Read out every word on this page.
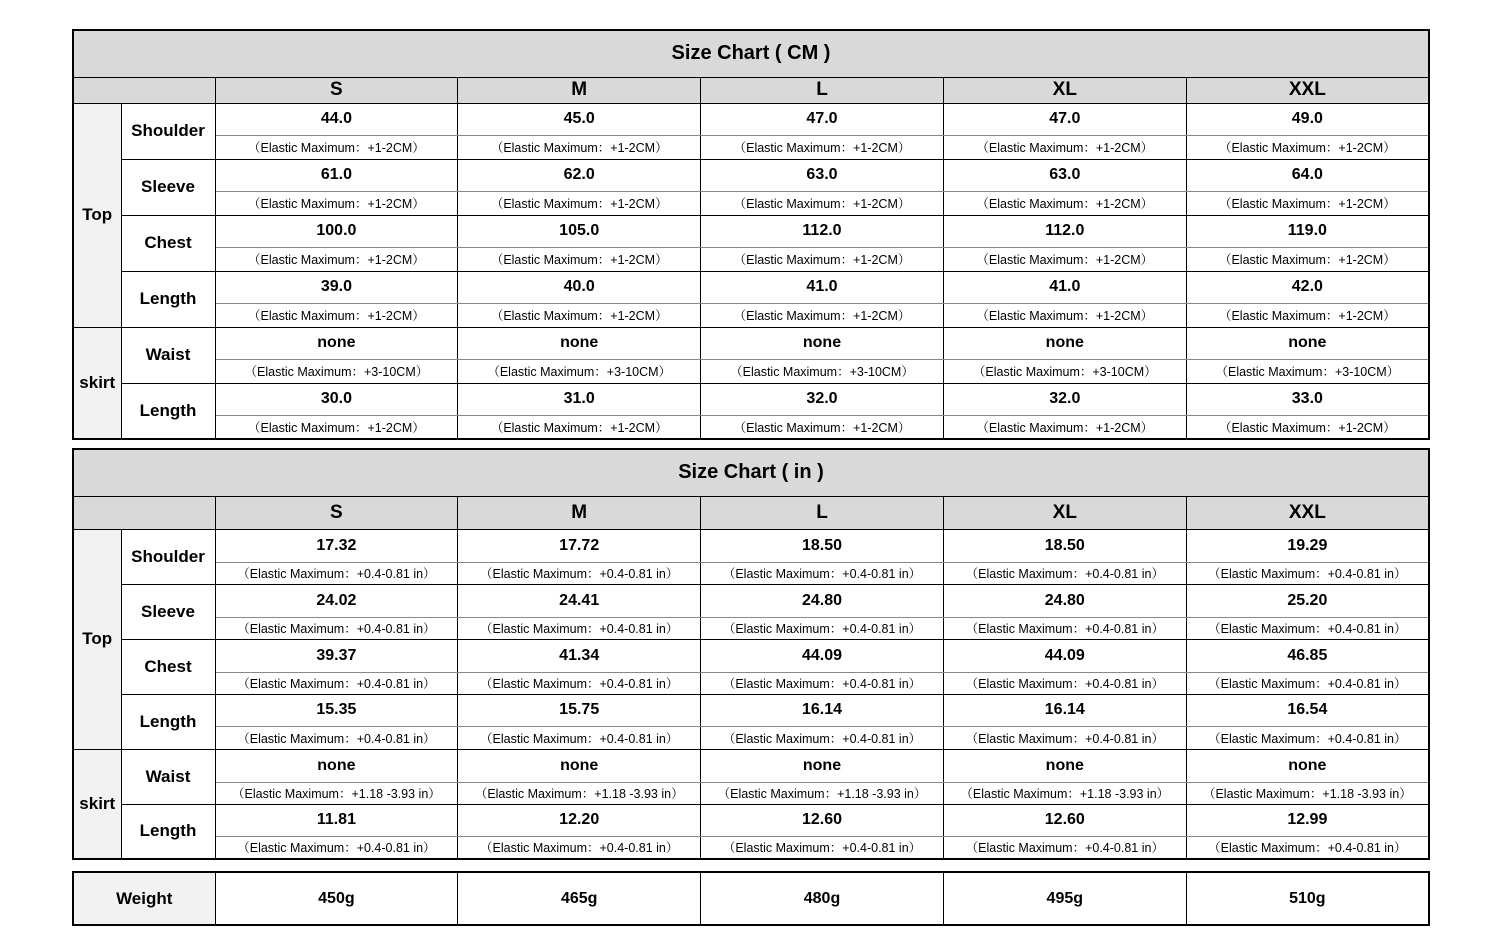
Size Chart ( CM )						
		S	M	L	XL	XXL
Top	Shoulder	44.0	45.0	47.0	47.0	49.0
		（Elastic Maximum：+1-2CM）	（Elastic Maximum：+1-2CM）	（Elastic Maximum：+1-2CM）	（Elastic Maximum：+1-2CM）	（Elastic Maximum：+1-2CM）
	Sleeve	61.0	62.0	63.0	63.0	64.0
		（Elastic Maximum：+1-2CM）	（Elastic Maximum：+1-2CM）	（Elastic Maximum：+1-2CM）	（Elastic Maximum：+1-2CM）	（Elastic Maximum：+1-2CM）
	Chest	100.0	105.0	112.0	112.0	119.0
		（Elastic Maximum：+1-2CM）	（Elastic Maximum：+1-2CM）	（Elastic Maximum：+1-2CM）	（Elastic Maximum：+1-2CM）	（Elastic Maximum：+1-2CM）
	Length	39.0	40.0	41.0	41.0	42.0
		（Elastic Maximum：+1-2CM）	（Elastic Maximum：+1-2CM）	（Elastic Maximum：+1-2CM）	（Elastic Maximum：+1-2CM）	（Elastic Maximum：+1-2CM）
skirt	Waist	none	none	none	none	none
		（Elastic Maximum：+3-10CM）	（Elastic Maximum：+3-10CM）	（Elastic Maximum：+3-10CM）	（Elastic Maximum：+3-10CM）	（Elastic Maximum：+3-10CM）
	Length	30.0	31.0	32.0	32.0	33.0
		（Elastic Maximum：+1-2CM）	（Elastic Maximum：+1-2CM）	（Elastic Maximum：+1-2CM）	（Elastic Maximum：+1-2CM）	（Elastic Maximum：+1-2CM）
Size Chart ( in )						
		S	M	L	XL	XXL
Top	Shoulder	17.32	17.72	18.50	18.50	19.29
		（Elastic Maximum：+0.4-0.81 in）	（Elastic Maximum：+0.4-0.81 in）	（Elastic Maximum：+0.4-0.81 in）	（Elastic Maximum：+0.4-0.81 in）	（Elastic Maximum：+0.4-0.81 in）
	Sleeve	24.02	24.41	24.80	24.80	25.20
		（Elastic Maximum：+0.4-0.81 in）	（Elastic Maximum：+0.4-0.81 in）	（Elastic Maximum：+0.4-0.81 in）	（Elastic Maximum：+0.4-0.81 in）	（Elastic Maximum：+0.4-0.81 in）
	Chest	39.37	41.34	44.09	44.09	46.85
		（Elastic Maximum：+0.4-0.81 in）	（Elastic Maximum：+0.4-0.81 in）	（Elastic Maximum：+0.4-0.81 in）	（Elastic Maximum：+0.4-0.81 in）	（Elastic Maximum：+0.4-0.81 in）
	Length	15.35	15.75	16.14	16.14	16.54
		（Elastic Maximum：+0.4-0.81 in）	（Elastic Maximum：+0.4-0.81 in）	（Elastic Maximum：+0.4-0.81 in）	（Elastic Maximum：+0.4-0.81 in）	（Elastic Maximum：+0.4-0.81 in）
skirt	Waist	none	none	none	none	none
		（Elastic Maximum：+1.18 -3.93 in）	（Elastic Maximum：+1.18 -3.93 in）	（Elastic Maximum：+1.18 -3.93 in）	（Elastic Maximum：+1.18 -3.93 in）	（Elastic Maximum：+1.18 -3.93 in）
	Length	11.81	12.20	12.60	12.60	12.99
		（Elastic Maximum：+0.4-0.81 in）	（Elastic Maximum：+0.4-0.81 in）	（Elastic Maximum：+0.4-0.81 in）	（Elastic Maximum：+0.4-0.81 in）	（Elastic Maximum：+0.4-0.81 in）
Weight	450g	465g	480g	495g	510g
